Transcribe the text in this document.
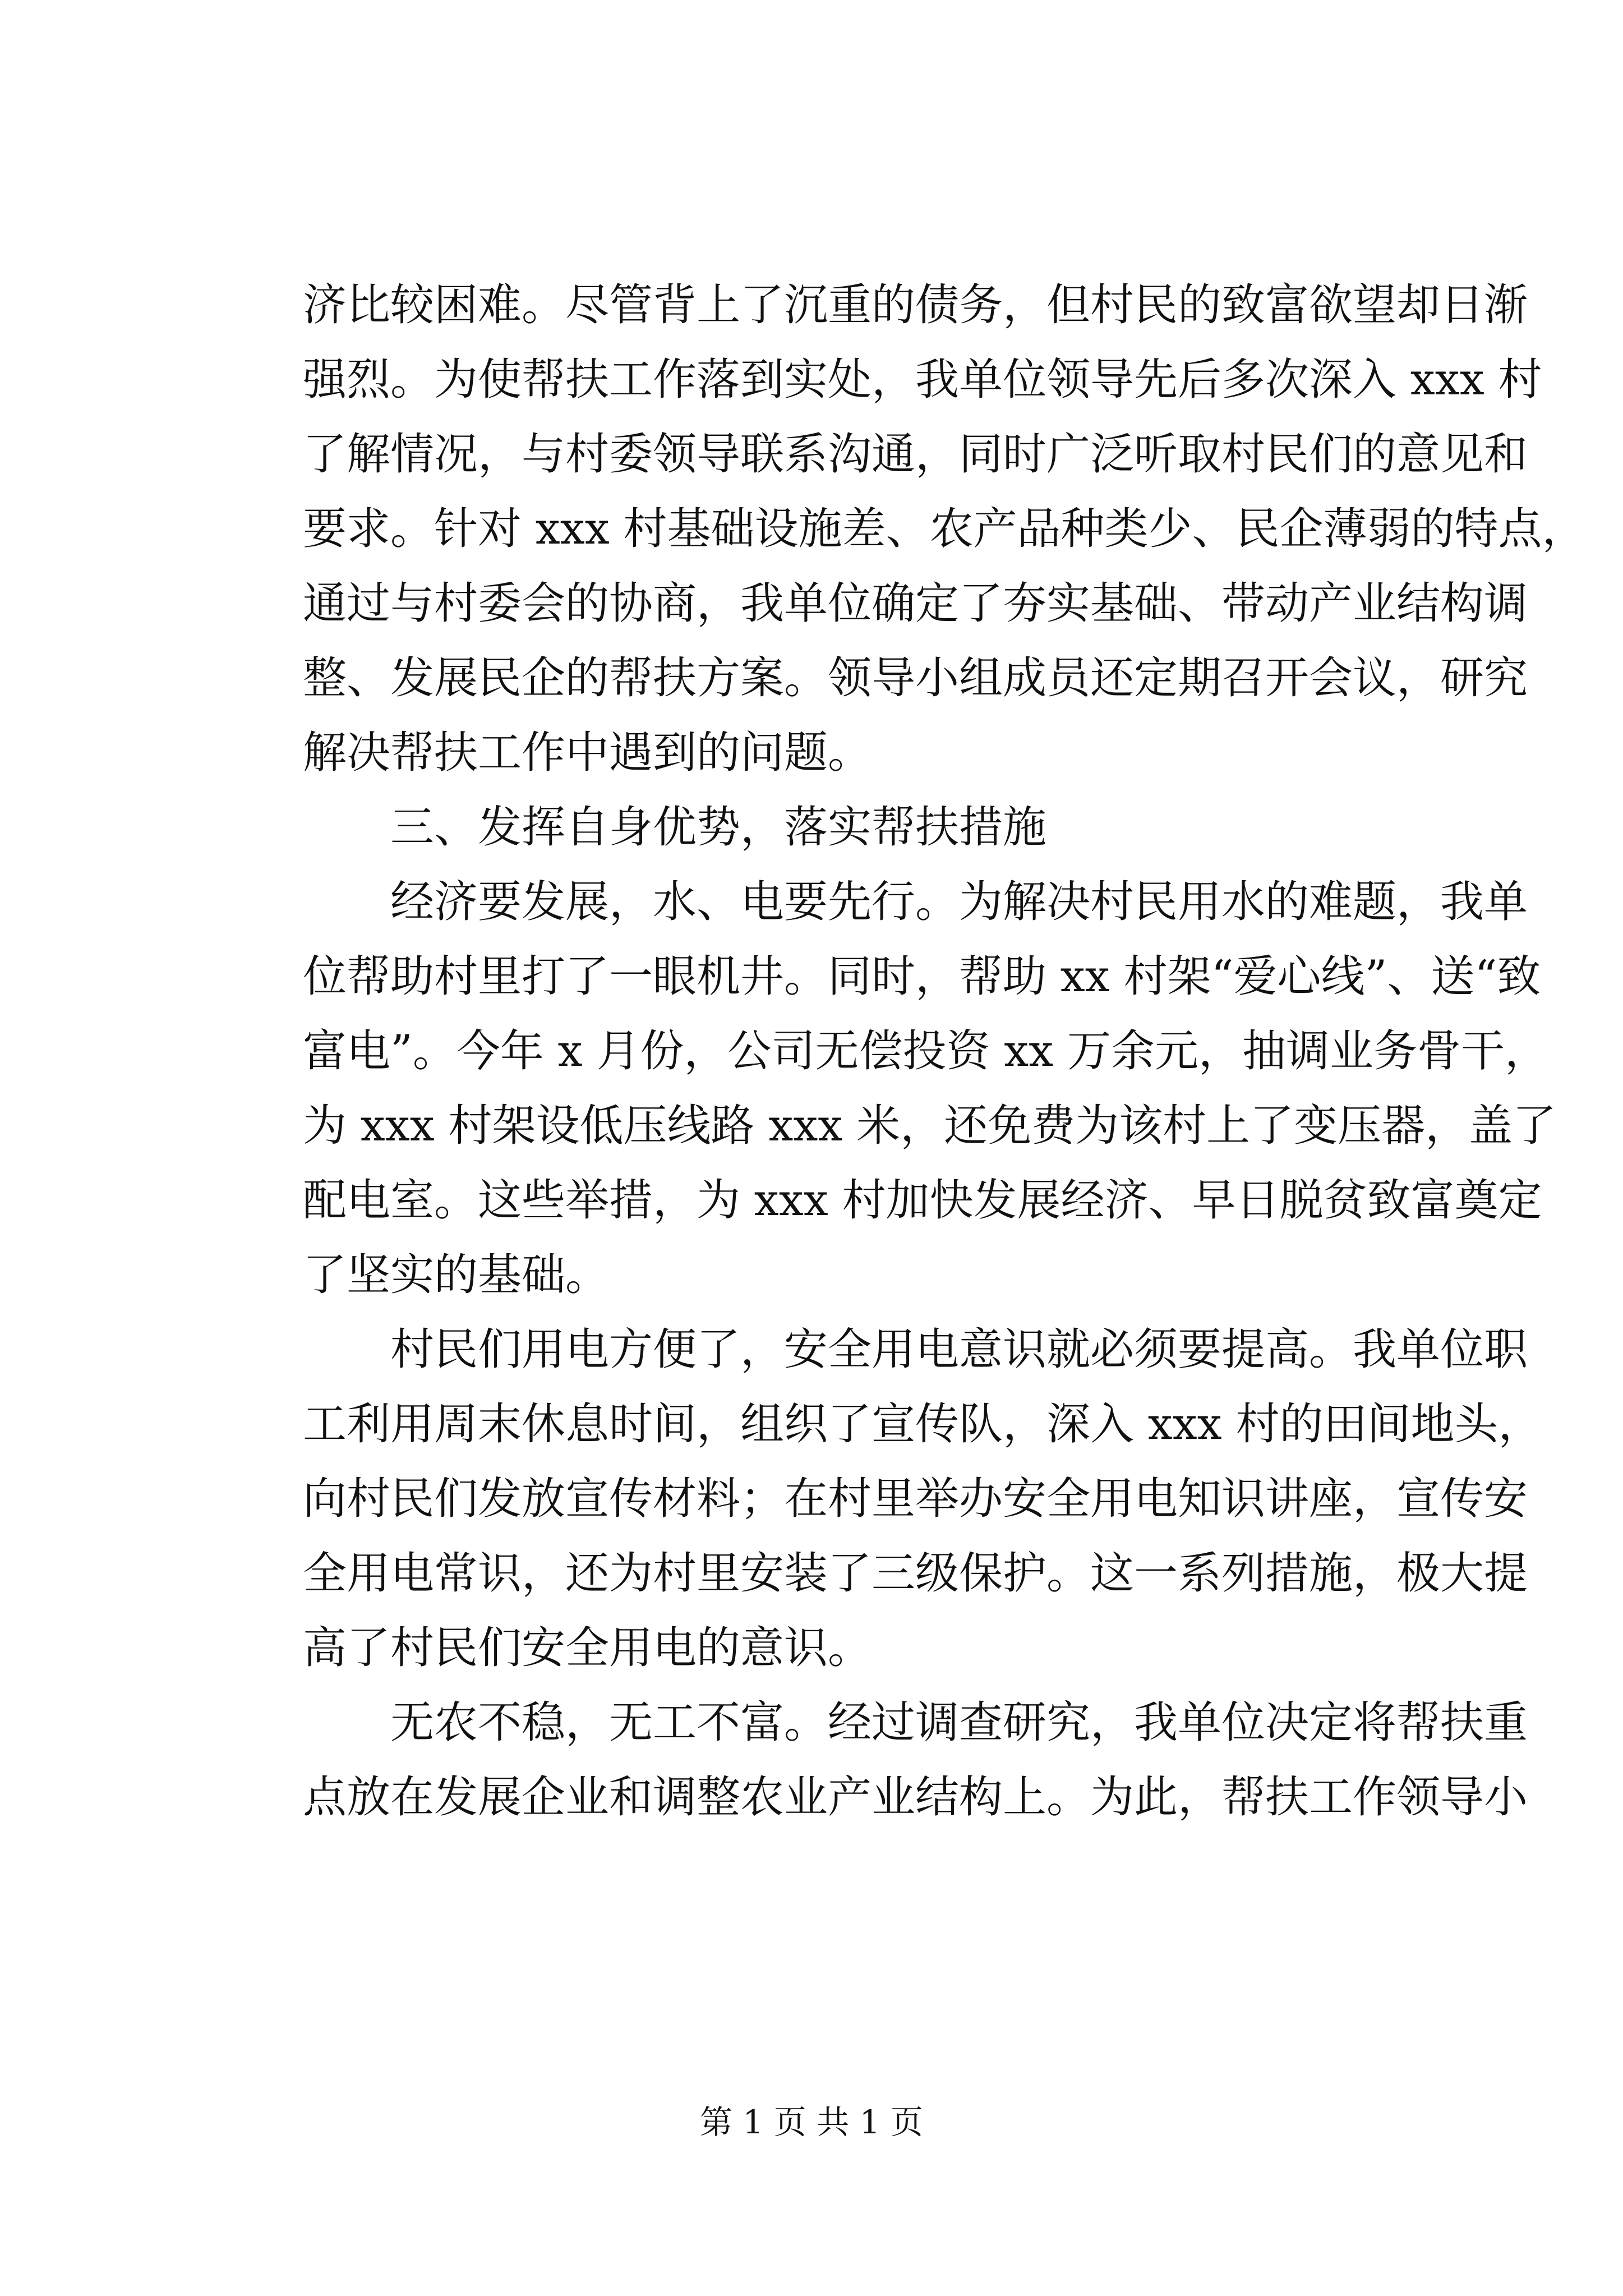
济比较困难。尽管背上了沉重的债务，但村民的致富欲望却日渐
强烈。为使帮扶工作落到实处，我单位领导先后多次深入 xxx 村
了解情况，与村委领导联系沟通，同时广泛听取村民们的意见和
要求。针对 xxx 村基础设施差、农产品种类少、民企薄弱的特点，
通过与村委会的协商，我单位确定了夯实基础、带动产业结构调
整、发展民企的帮扶方案。领导小组成员还定期召开会议，研究
解决帮扶工作中遇到的问题。
三、发挥自身优势，落实帮扶措施
经济要发展，水、电要先行。为解决村民用水的难题，我单
位帮助村里打了一眼机井。同时，帮助 xx 村架“爱心线”、送“致
富电”。今年 x 月份，公司无偿投资 xx 万余元，抽调业务骨干，
为 xxx 村架设低压线路 xxx 米，还免费为该村上了变压器，盖了
配电室。这些举措，为 xxx 村加快发展经济、早日脱贫致富奠定
了坚实的基础。
村民们用电方便了，安全用电意识就必须要提高。我单位职
工利用周末休息时间，组织了宣传队，深入 xxx 村的田间地头，
向村民们发放宣传材料；在村里举办安全用电知识讲座，宣传安
全用电常识，还为村里安装了三级保护。这一系列措施，极大提
高了村民们安全用电的意识。
无农不稳，无工不富。经过调查研究，我单位决定将帮扶重
点放在发展企业和调整农业产业结构上。为此，帮扶工作领导小
第 1 页 共 1 页
